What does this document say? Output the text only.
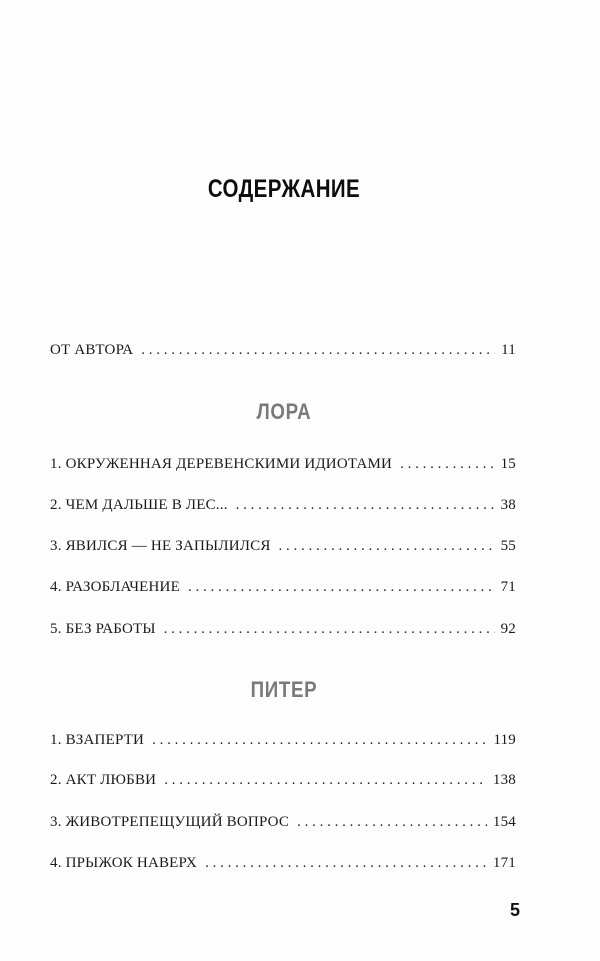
СОДЕРЖАНИЕ
ОТ АВТОРА . . .	11
ЛОРА
1. ОКРУЖЕННАЯ ДЕРЕВЕНСКИМИ ИДИОТАМИ . . .	15
2. ЧЕМ ДАЛЬШЕ В ЛЕС... . . .	38
3. ЯВИЛСЯ — НЕ ЗАПЫЛИЛСЯ . . .	55
4. РАЗОБЛАЧЕНИЕ . . .	71
5. БЕЗ РАБОТЫ . . .	92
ПИТЕР
1. ВЗАПЕРТИ . . .	119
2. АКТ ЛЮБВИ . . .	138
3. ЖИВОТРЕПЕЩУЩИЙ ВОПРОС . . .	154
4. ПРЫЖОК НАВЕРХ . . .	171
5
